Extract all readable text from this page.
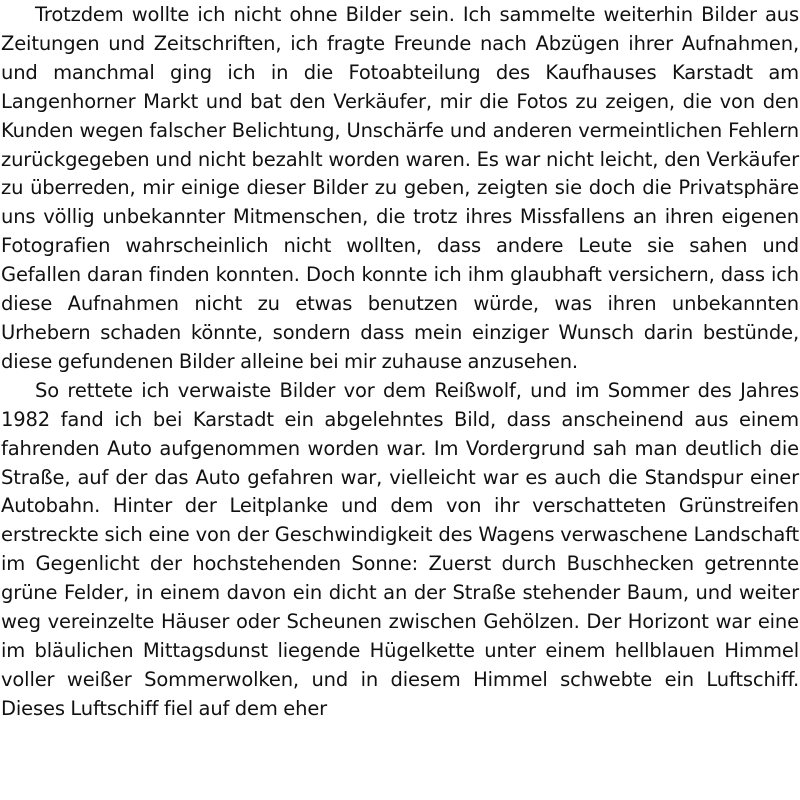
Trotzdem wollte ich nicht ohne Bilder sein. Ich sammelte weiterhin Bilder aus Zeitungen und Zeitschriften, ich fragte Freunde nach Abzügen ihrer Aufnahmen, und manchmal ging ich in die Fotoabteilung des Kaufhauses Karstadt am Langenhorner Markt und bat den Verkäufer, mir die Fotos zu zeigen, die von den Kunden wegen falscher Belichtung, Unschärfe und anderen vermeintlichen Fehlern zurückgegeben und nicht bezahlt worden waren. Es war nicht leicht, den Verkäufer zu überreden, mir einige dieser Bilder zu geben, zeigten sie doch die Privatsphäre uns völlig unbekannter Mitmenschen, die trotz ihres Missfallens an ihren eigenen Fotografien wahrscheinlich nicht wollten, dass andere Leute sie sahen und Gefallen daran finden konnten. Doch konnte ich ihm glaubhaft versichern, dass ich diese Aufnahmen nicht zu etwas benutzen würde, was ihren unbekannten Urhebern schaden könnte, sondern dass mein einziger Wunsch darin bestünde, diese gefundenen Bilder alleine bei mir zuhause anzusehen.

So rettete ich verwaiste Bilder vor dem Reißwolf, und im Sommer des Jahres 1982 fand ich bei Karstadt ein abgelehntes Bild, dass anscheinend aus einem fahrenden Auto aufgenommen worden war. Im Vordergrund sah man deutlich die Straße, auf der das Auto gefahren war, vielleicht war es auch die Standspur einer Autobahn. Hinter der Leitplanke und dem von ihr verschatteten Grünstreifen erstreckte sich eine von der Geschwindigkeit des Wagens verwaschene Landschaft im Gegenlicht der hochstehenden Sonne: Zuerst durch Buschhecken getrennte grüne Felder, in einem davon ein dicht an der Straße stehender Baum, und weiter weg vereinzelte Häuser oder Scheunen zwischen Gehölzen. Der Horizont war eine im bläulichen Mittagsdunst liegende Hügelkette unter einem hellblauen Himmel voller weißer Sommerwolken, und in diesem Himmel schwebte ein Luftschiff. Dieses Luftschiff fiel auf dem eher
